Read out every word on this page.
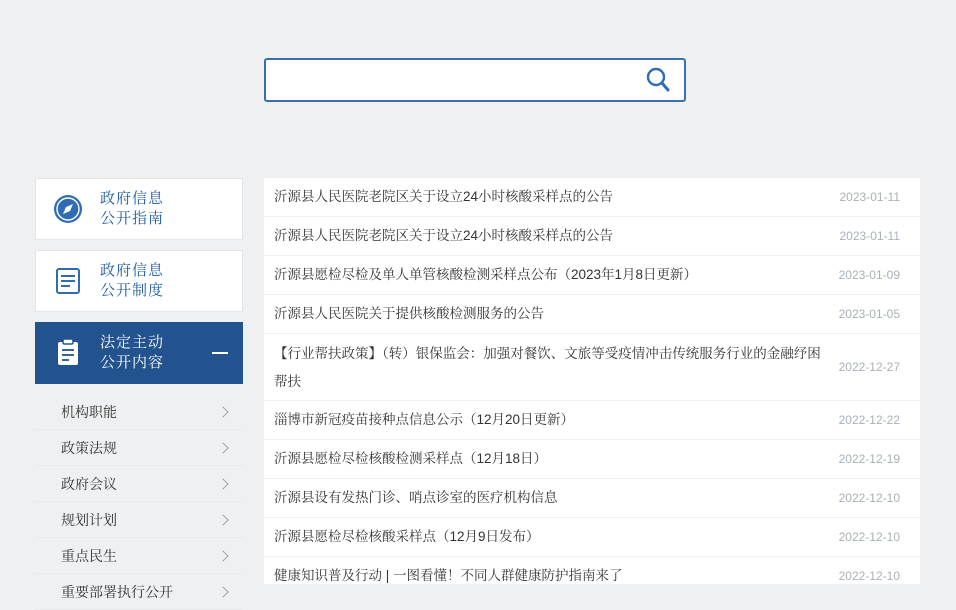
政府信息
公开指南
政府信息
公开制度
法定主动
公开内容
机构职能
政策法规
政府会议
规划计划
重点民生
重要部署执行公开
沂源县人民医院老院区关于设立24小时核酸采样点的公告	2023-01-11
沂源县人民医院老院区关于设立24小时核酸采样点的公告	2023-01-11
沂源县愿检尽检及单人单管核酸检测采样点公布（2023年1月8日更新）	2023-01-09
沂源县人民医院关于提供核酸检测服务的公告	2023-01-05
【行业帮扶政策】（转）银保监会：加强对餐饮、文旅等受疫情冲击传统服务行业的金融纾困帮扶
2022-12-27
淄博市新冠疫苗接种点信息公示（12月20日更新）	2022-12-22
沂源县愿检尽检核酸检测采样点（12月18日）	2022-12-19
沂源县设有发热门诊、哨点诊室的医疗机构信息	2022-12-10
沂源县愿检尽检核酸采样点（12月9日发布）	2022-12-10
健康知识普及行动 | 一图看懂！不同人群健康防护指南来了	2022-12-10
